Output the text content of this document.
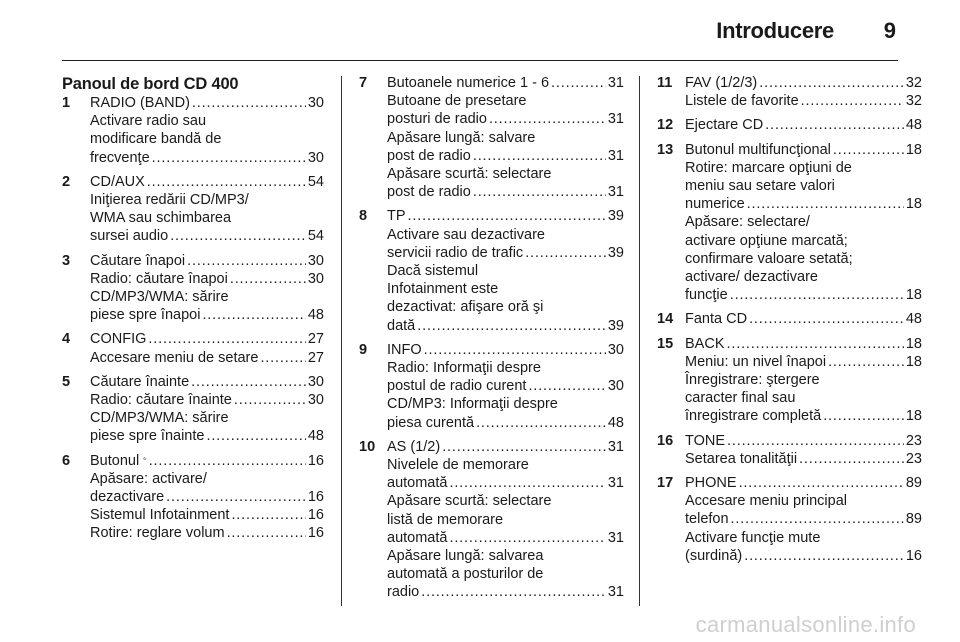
Introducere 9
Panoul de bord CD 400
1 RADIO (BAND) . . .	30
Activare radio sau
modificare bandă de
frecvenţe . . .	30
2 CD/AUX . . .	54
Iniţierea redării CD/MP3/
WMA sau schimbarea
sursei audio . . .	54
3 Căutare înapoi . . .	30
Radio: căutare înapoi . . .	30
CD/MP3/WMA: sărire
piese spre înapoi . . .	48
4 CONFIG . . .	27
Accesare meniu de setare . . .	27
5 Căutare înainte . . .	30
Radio: căutare înainte . . .	30
CD/MP3/WMA: sărire
piese spre înainte . . .	48
6 Butonul . . .	16
Apăsare: activare/
dezactivare . . .	16
Sistemul Infotainment . . .	16
Rotire: reglare volum . . .	16
7 Butoanele numerice 1 - 6 . . .	31
Butoane de presetare
posturi de radio . . .	31
Apăsare lungă: salvare
post de radio . . .	31
Apăsare scurtă: selectare
post de radio . . .	31
8 TP . . .	39
Activare sau dezactivare
servicii radio de trafic . . .	39
Dacă sistemul
Infotainment este
dezactivat: afişare oră şi
dată . . .	39
9 INFO . . .	30
Radio: Informaţii despre
postul de radio curent . . .	30
CD/MP3: Informaţii despre
piesa curentă . . .	48
10 AS (1/2) . . .	31
Nivelele de memorare
automată . . .	31
Apăsare scurtă: selectare
listă de memorare
automată . . .	31
Apăsare lungă: salvarea
automată a posturilor de
radio . . .	31
11 FAV (1/2/3) . . .	32
Listele de favorite . . .	32
12 Ejectare CD . . .	48
13 Butonul multifuncţional . . .	18
Rotire: marcare opţiuni de
meniu sau setare valori
numerice . . .	18
Apăsare: selectare/
activare opţiune marcată;
confirmare valoare setată;
activare/ dezactivare
funcţie . . .	18
14 Fanta CD . . .	48
15 BACK . . .	18
Meniu: un nivel înapoi . . .	18
Înregistrare: ştergere
caracter final sau
înregistrare completă . . .	18
16 TONE . . .	23
Setarea tonalităţii . . .	23
17 PHONE . . .	89
Accesare meniu principal
telefon . . .	89
Activare funcţie mute
(surdină) . . .	16
carmanualsonline.info
